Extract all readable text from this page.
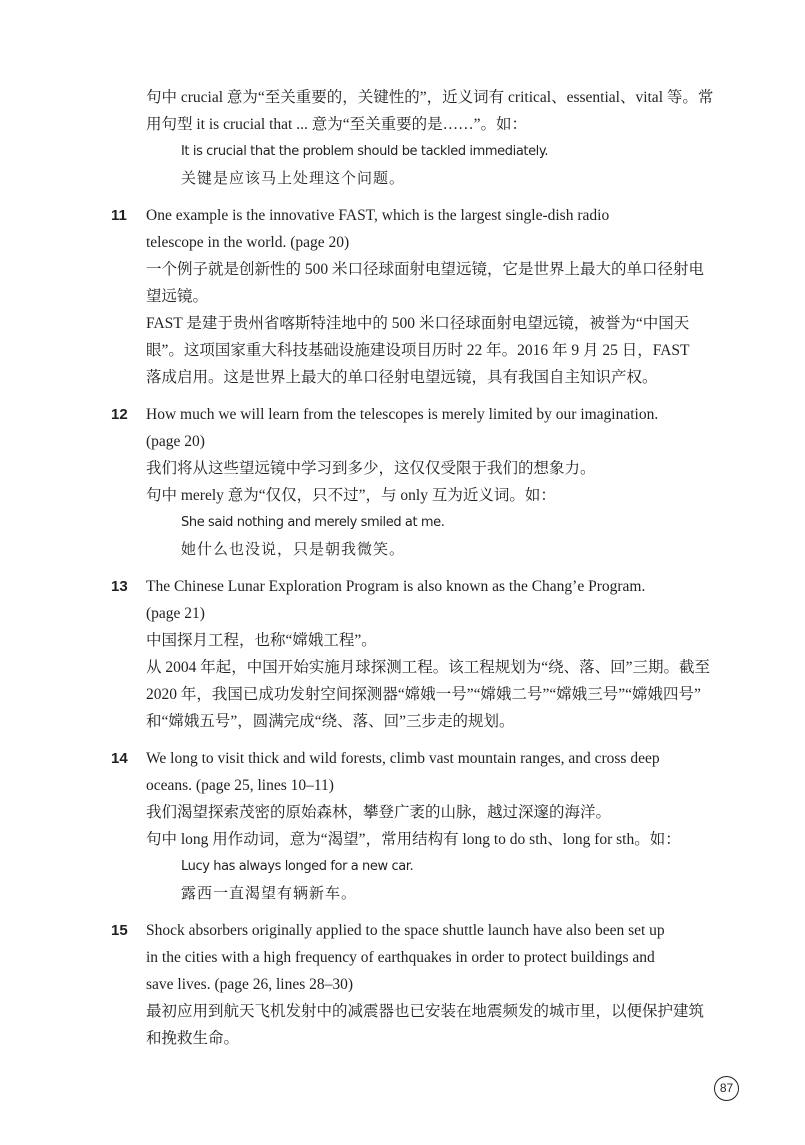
句中 crucial 意为“至关重要的，关键性的”，近义词有 critical、essential、vital 等。常
用句型 it is crucial that ... 意为“至关重要的是……”。如：
It is crucial that the problem should be tackled immediately.
关键是应该马上处理这个问题。
11 One example is the innovative FAST, which is the largest single-dish radio
telescope in the world. (page 20)
一个例子就是创新性的 500 米口径球面射电望远镜，它是世界上最大的单口径射电
望远镜。
FAST 是建于贵州省喀斯特洼地中的 500 米口径球面射电望远镜，被誉为“中国天
眼”。这项国家重大科技基础设施建设项目历时 22 年。2016 年 9 月 25 日，FAST
落成启用。这是世界上最大的单口径射电望远镜，具有我国自主知识产权。
12 How much we will learn from the telescopes is merely limited by our imagination.
(page 20)
我们将从这些望远镜中学习到多少，这仅仅受限于我们的想象力。
句中 merely 意为“仅仅，只不过”，与 only 互为近义词。如：
She said nothing and merely smiled at me.
她什么也没说，只是朝我微笑。
13 The Chinese Lunar Exploration Program is also known as the Chang’e Program.
(page 21)
中国探月工程，也称“嫦娥工程”。
从 2004 年起，中国开始实施月球探测工程。该工程规划为“绕、落、回”三期。截至
2020 年，我国已成功发射空间探测器“嫦娥一号”“嫦娥二号”“嫦娥三号”“嫦娥四号”
和“嫦娥五号”，圆满完成“绕、落、回”三步走的规划。
14 We long to visit thick and wild forests, climb vast mountain ranges, and cross deep
oceans. (page 25, lines 10–11)
我们渴望探索茂密的原始森林，攀登广袤的山脉，越过深邃的海洋。
句中 long 用作动词，意为“渴望”，常用结构有 long to do sth、long for sth。如：
Lucy has always longed for a new car.
露西一直渴望有辆新车。
15 Shock absorbers originally applied to the space shuttle launch have also been set up
in the cities with a high frequency of earthquakes in order to protect buildings and
save lives. (page 26, lines 28–30)
最初应用到航天飞机发射中的减震器也已安装在地震频发的城市里，以便保护建筑
和挽救生命。
87
